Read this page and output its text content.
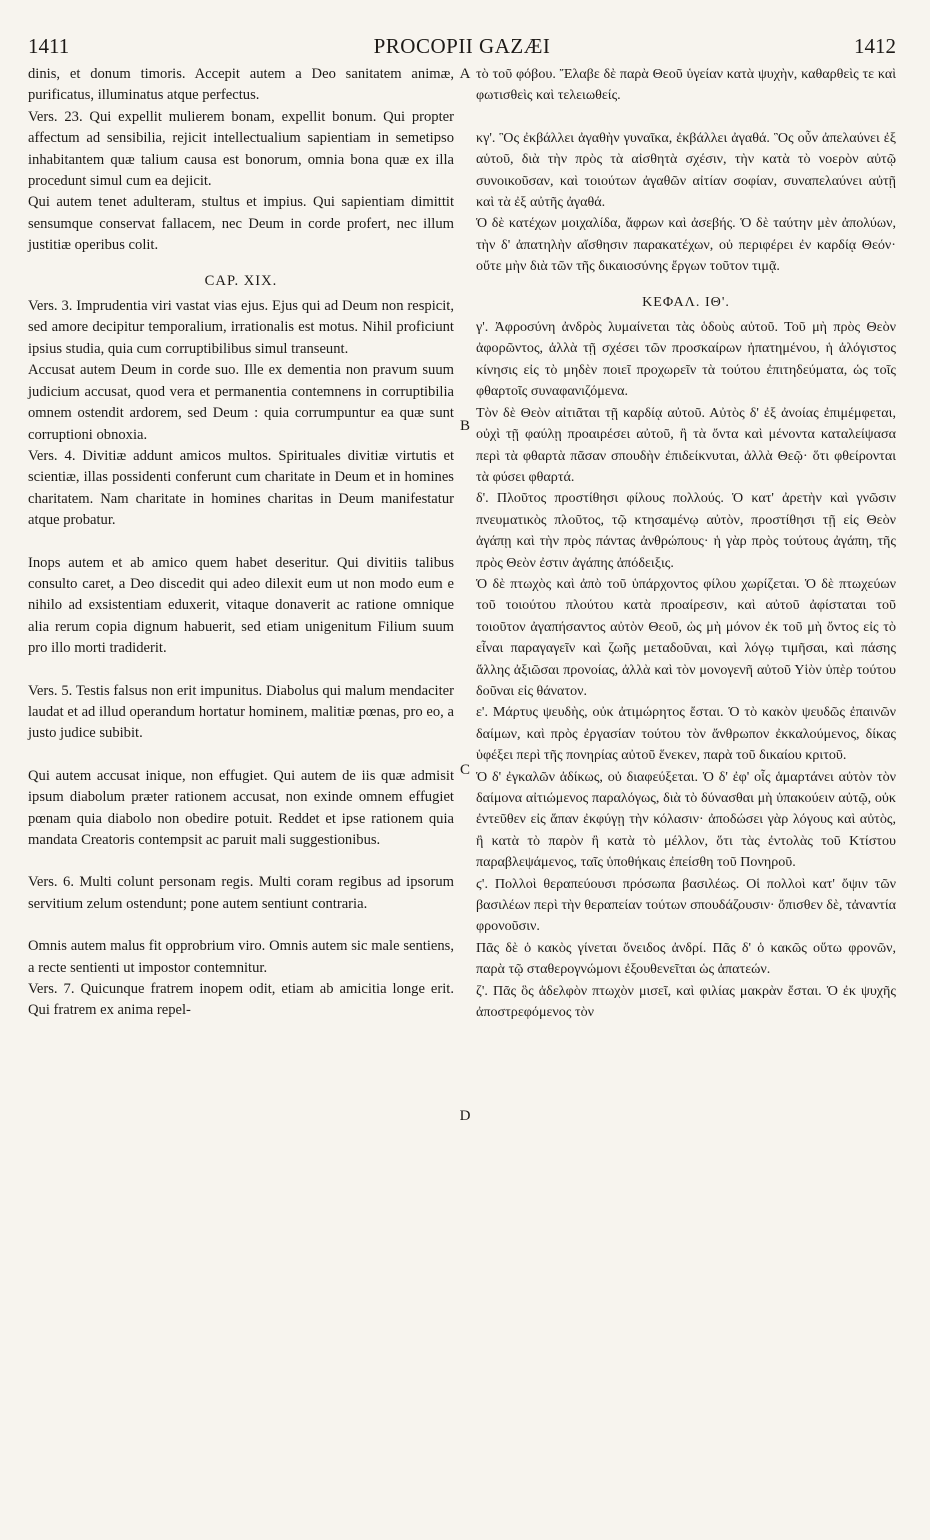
1411	PROCOPII GAZÆI	1412
dinis, et donum timoris. Accepit autem a Deo sanitatem animæ, purificatus, illuminatus atque perfectus.
Vers. 23. Qui expellit mulierem bonam, expellit bonum. Qui propter affectum ad sensibilia, rejicit intellectualium sapientiam in semetipso inhabitantem quæ talium causa est bonorum, omnia bona quæ ex illa procedunt simul cum ea dejicit.
Qui autem tenet adulteram, stultus et impius. Qui sapientiam dimittit sensumque conservat fallacem, nec Deum in corde profert, nec illum justitiæ operibus colit.
CAP. XIX.
Vers. 3. Imprudentia viri vastat vias ejus. Ejus qui ad Deum non respicit, sed amore decipitur temporalium, irrationalis est motus. Nihil proficiunt ipsius studia, quia cum corruptibilibus simul transeunt.
Accusat autem Deum in corde suo. Ille ex dementia non pravum suum judicium accusat, quod vera et permanentia contemnens in corruptibilia omnem ostendit ardorem, sed Deum : quia corrumpuntur ea quæ sunt corruptioni obnoxia.
Vers. 4. Divitiæ addunt amicos multos. Spirituales divitiæ virtutis et scientiæ, illas possidenti conferunt cum charitate in Deum et in homines charitatem. Nam charitate in homines charitas in Deum manifestatur atque probatur.
Inops autem et ab amico quem habet deseritur. Qui divitiis talibus consulto caret, a Deo discedit qui adeo dilexit eum ut non modo eum e nihilo ad exsistentiam eduxerit, vitaque donaverit ac ratione omnique alia rerum copia dignum habuerit, sed etiam unigenitum Filium suum pro illo morti tradiderit.
Vers. 5. Testis falsus non erit impunitus. Diabolus qui malum mendaciter laudat et ad illud operandum hortatur hominem, malitiæ pœnas, pro eo, a justo judice subibit.
Qui autem accusat inique, non effugiet. Qui autem de iis quæ admisit ipsum diabolum præter rationem accusat, non exinde omnem effugiet pœnam quia diabolo non obedire potuit. Reddet et ipse rationem quia mandata Creatoris contempsit ac paruit mali suggestionibus.
Vers. 6. Multi colunt personam regis. Multi coram regibus ad ipsorum servitium zelum ostendunt; pone autem sentiunt contraria.
Omnis autem malus fit opprobrium viro. Omnis autem sic male sentiens, a recte sentienti ut impostor contemnitur.
Vers. 7. Quicunque fratrem inopem odit, etiam ab amicitia longe erit. Qui fratrem ex anima repel-
τὸ τοῦ φόβου. Ἔλαβε δὲ παρὰ Θεοῦ ὑγείαν κατὰ ψυχὴν, καθαρθεὶς τε καὶ φωτισθεὶς καὶ τελειωθείς.
κγ'. Ὃς ἐκβάλλει ἀγαθὴν γυναῖκα, ἐκβάλλει ἀγαθά. Ὃς οὖν ἀπελαύνει ἐξ αὑτοῦ, διὰ τὴν πρὸς τὰ αἰσθητὰ σχέσιν, τὴν κατὰ τὸ νοερὸν αὐτῷ συνοικοῦσαν, καὶ τοιούτων ἀγαθῶν αἰτίαν σοφίαν, συναπελαύνει αὐτῇ καὶ τὰ ἐξ αὐτῆς ἀγαθά.
Ὁ δὲ κατέχων μοιχαλίδα, ἄφρων καὶ ἀσεβής. Ὁ δὲ ταύτην μὲν ἀπολύων, τὴν δ' ἀπατηλὴν αἴσθησιν παρακατέχων, οὐ περιφέρει ἐν καρδίᾳ Θεόν· οὔτε μὴν διὰ τῶν τῆς δικαιοσύνης ἔργων τοῦτον τιμᾷ.
ΚΕΦΑΛ. ΙΘ'.
γ'. Ἀφροσύνη ἀνδρὸς λυμαίνεται τὰς ὁδοὺς αὐτοῦ. Τοῦ μὴ πρὸς Θεὸν ἀφορῶντος, ἀλλὰ τῇ σχέσει τῶν προσκαίρων ἠπατημένου, ἡ ἀλόγιστος κίνησις εἰς τὸ μηδὲν ποιεῖ προχωρεῖν τὰ τούτου ἐπιτηδεύματα, ὡς τοῖς φθαρτοῖς συναφανιζόμενα.
Τὸν δὲ Θεὸν αἰτιᾶται τῇ καρδίᾳ αὐτοῦ. Αὐτὸς δ' ἐξ ἀνοίας ἐπιμέμφεται, οὐχὶ τῇ φαύλῃ προαιρέσει αὐτοῦ, ἢ τὰ ὄντα καὶ μένοντα καταλείψασα περὶ τὰ φθαρτὰ πᾶσαν σπουδὴν ἐπιδείκνυται, ἀλλὰ Θεῷ· ὅτι φθείρονται τὰ φύσει φθαρτά.
δ'. Πλοῦτος προστίθησι φίλους πολλούς. Ὁ κατ' ἀρετὴν καὶ γνῶσιν πνευματικὸς πλοῦτος, τῷ κτησαμένῳ αὐτὸν, προστίθησι τῇ εἰς Θεὸν ἀγάπῃ καὶ τὴν πρὸς πάντας ἀνθρώπους· ἡ γὰρ πρὸς τούτους ἀγάπη, τῆς πρὸς Θεὸν ἐστιν ἀγάπης ἀπόδειξις.
Ὁ δὲ πτωχὸς καὶ ἀπὸ τοῦ ὑπάρχοντος φίλου χωρίζεται. Ὁ δὲ πτωχεύων τοῦ τοιούτου πλούτου κατὰ προαίρεσιν, καὶ αὐτοῦ ἀφίσταται τοῦ τοιοῦτον ἀγαπήσαντος αὐτὸν Θεοῦ, ὡς μὴ μόνον ἐκ τοῦ μὴ ὄντος εἰς τὸ εἶναι παραγαγεῖν καὶ ζωῆς μεταδοῦναι, καὶ λόγῳ τιμῆσαι, καὶ πάσης ἄλλης ἀξιῶσαι προνοίας, ἀλλὰ καὶ τὸν μονογενῆ αὐτοῦ Υἱὸν ὑπὲρ τούτου δοῦναι εἰς θάνατον.
ε'. Μάρτυς ψευδὴς, οὐκ ἀτιμώρητος ἔσται. Ὁ τὸ κακὸν ψευδῶς ἐπαινῶν δαίμων, καὶ πρὸς ἐργασίαν τούτου τὸν ἄνθρωπον ἐκκαλούμενος, δίκας ὑφέξει περὶ τῆς πονηρίας αὐτοῦ ἕνεκεν, παρὰ τοῦ δικαίου κριτοῦ.
Ὁ δ' ἐγκαλῶν ἀδίκως, οὐ διαφεύξεται. Ὁ δ' ἐφ' οἷς ἁμαρτάνει αὐτὸν τὸν δαίμονα αἰτιώμενος παραλόγως, διὰ τὸ δύνασθαι μὴ ὑπακούειν αὐτῷ, οὐκ ἐντεῦθεν εἰς ἅπαν ἐκφύγῃ τὴν κόλασιν· ἀποδώσει γὰρ λόγους καὶ αὐτὸς, ἢ κατὰ τὸ παρὸν ἢ κατὰ τὸ μέλλον, ὅτι τὰς ἐντολὰς τοῦ Κτίστου παραβλεψάμενος, ταῖς ὑποθήκαις ἐπείσθη τοῦ Πονηροῦ.
ϛ'. Πολλοὶ θεραπεύουσι πρόσωπα βασιλέως. Οἱ πολλοὶ κατ' ὄψιν τῶν βασιλέων περὶ τὴν θεραπείαν τούτων σπουδάζουσιν· ὄπισθεν δὲ, τἀναντία φρονοῦσιν.
Πᾶς δὲ ὁ κακὸς γίνεται ὄνειδος ἀνδρί. Πᾶς δ' ὁ κακῶς οὕτω φρονῶν, παρὰ τῷ σταθερογνώμονι ἐξουθενεῖται ὡς ἀπατεών.
ζ'. Πᾶς ὃς ἀδελφὸν πτωχὸν μισεῖ, καὶ φιλίας μακρὰν ἔσται. Ὁ ἐκ ψυχῆς ἀποστρεφόμενος τὸν
A
B
C
D
